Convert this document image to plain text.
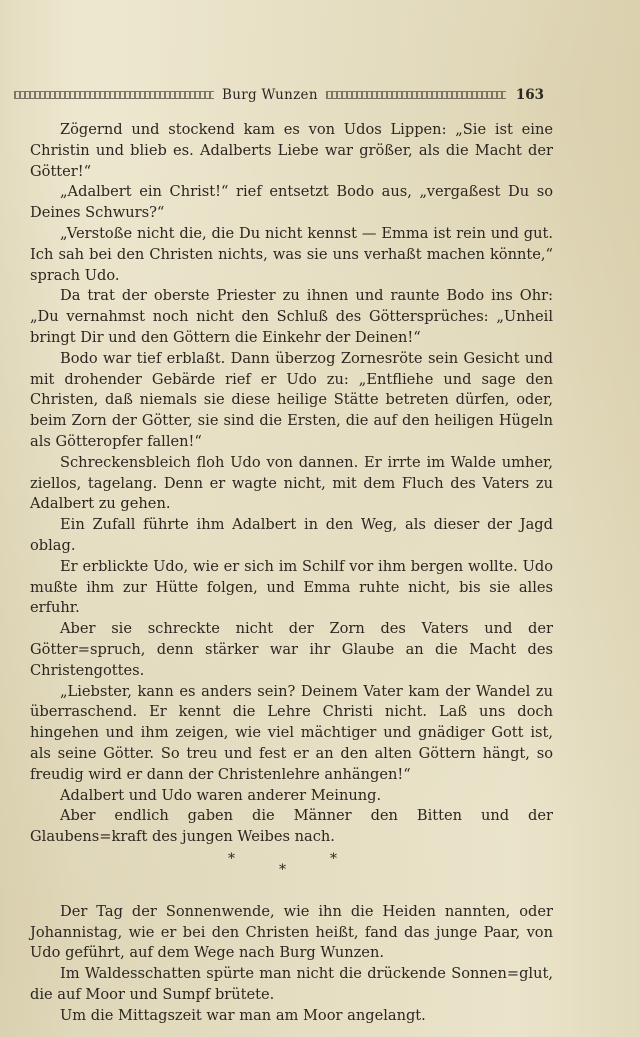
Burg Wunzen	163

Zögernd und stockend kam es von Udos Lippen: „Sie ist eine Christin und blieb es. Adalberts Liebe war größer, als die Macht der Götter!“

„Adalbert ein Christ!“ rief entsetzt Bodo aus, „vergaßest Du so Deines Schwurs?“

„Verstoße nicht die, die Du nicht kennst — Emma ist rein und gut. Ich sah bei den Christen nichts, was sie uns verhaßt machen könnte,“ sprach Udo.

Da trat der oberste Priester zu ihnen und raunte Bodo ins Ohr: „Du vernahmst noch nicht den Schluß des Göttersprüches: „Unheil bringt Dir und den Göttern die Einkehr der Deinen!“

Bodo war tief erblaßt. Dann überzog Zornesröte sein Gesicht und mit drohender Gebärde rief er Udo zu: „Entfliehe und sage den Christen, daß niemals sie diese heilige Stätte betreten dürfen, oder, beim Zorn der Götter, sie sind die Ersten, die auf den heiligen Hügeln als Götteropfer fallen!“

Schreckensbleich floh Udo von dannen. Er irrte im Walde umher, ziellos, tagelang. Denn er wagte nicht, mit dem Fluch des Vaters zu Adalbert zu gehen.

Ein Zufall führte ihm Adalbert in den Weg, als dieser der Jagd oblag.

Er erblickte Udo, wie er sich im Schilf vor ihm bergen wollte. Udo mußte ihm zur Hütte folgen, und Emma ruhte nicht, bis sie alles erfuhr.

Aber sie schreckte nicht der Zorn des Vaters und der Götter=spruch, denn stärker war ihr Glaube an die Macht des Christengottes.

„Liebster, kann es anders sein? Deinem Vater kam der Wandel zu überraschend. Er kennt die Lehre Christi nicht. Laß uns doch hingehen und ihm zeigen, wie viel mächtiger und gnädiger Gott ist, als seine Götter. So treu und fest er an den alten Göttern hängt, so freudig wird er dann der Christenlehre anhängen!“

Adalbert und Udo waren anderer Meinung.

Aber endlich gaben die Männer den Bitten und der Glaubens=kraft des jungen Weibes nach.

*
*
*

Der Tag der Sonnenwende, wie ihn die Heiden nannten, oder Johannistag, wie er bei den Christen heißt, fand das junge Paar, von Udo geführt, auf dem Wege nach Burg Wunzen.

Im Waldesschatten spürte man nicht die drückende Sonnen=glut, die auf Moor und Sumpf brütete.

Um die Mittagszeit war man am Moor angelangt.
